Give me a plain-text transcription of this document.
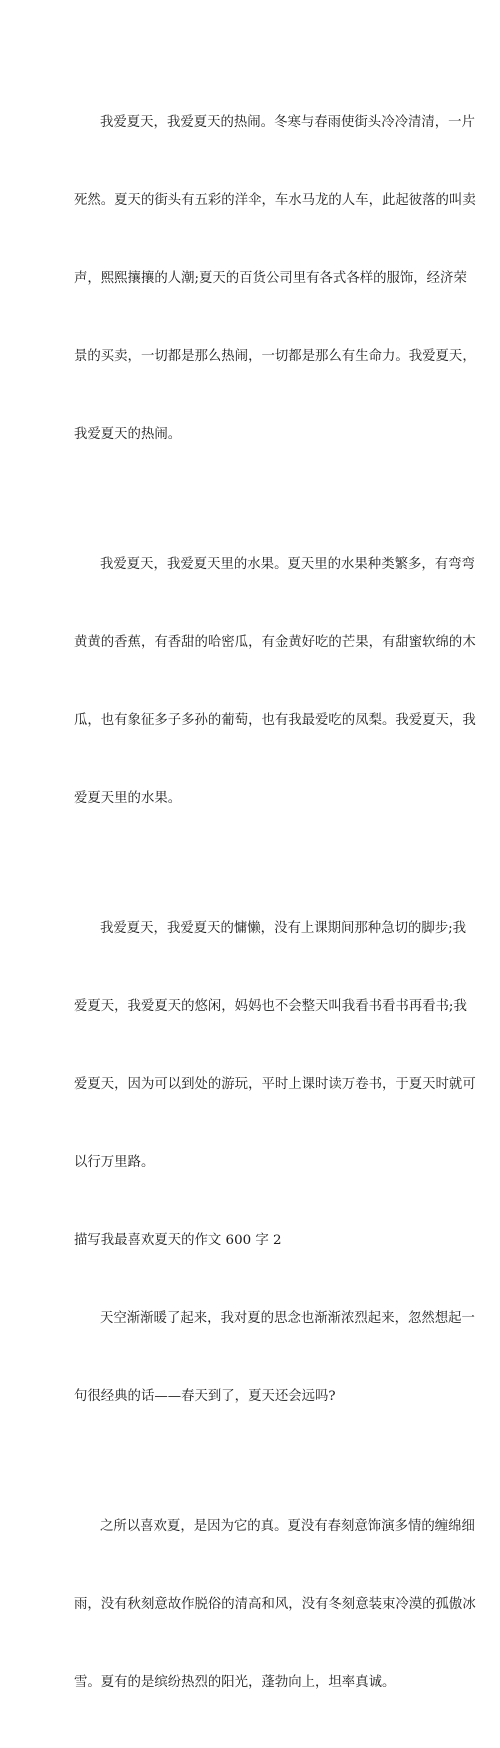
我爱夏天，我爱夏天的热闹。冬寒与春雨使街头冷冷清清，一片

死然。夏天的街头有五彩的洋伞，车水马龙的人车，此起彼落的叫卖

声，熙熙攘攘的人潮;夏天的百货公司里有各式各样的服饰，经济荣

景的买卖，一切都是那么热闹，一切都是那么有生命力。我爱夏天，

我爱夏天的热闹。

我爱夏天，我爱夏天里的水果。夏天里的水果种类繁多，有弯弯

黄黄的香蕉，有香甜的哈密瓜，有金黄好吃的芒果，有甜蜜软绵的木

瓜，也有象征多子多孙的葡萄，也有我最爱吃的凤梨。我爱夏天，我

爱夏天里的水果。

我爱夏天，我爱夏天的慵懒，没有上课期间那种急切的脚步;我

爱夏天，我爱夏天的悠闲，妈妈也不会整天叫我看书看书再看书;我

爱夏天，因为可以到处的游玩，平时上课时读万卷书，于夏天时就可

以行万里路。

描写我最喜欢夏天的作文 600 字 2

天空渐渐暖了起来，我对夏的思念也渐渐浓烈起来，忽然想起一

句很经典的话——春天到了，夏天还会远吗?

之所以喜欢夏，是因为它的真。夏没有春刻意饰演多情的缠绵细

雨，没有秋刻意故作脱俗的清高和风，没有冬刻意装束冷漠的孤傲冰

雪。夏有的是缤纷热烈的阳光，蓬勃向上，坦率真诚。
